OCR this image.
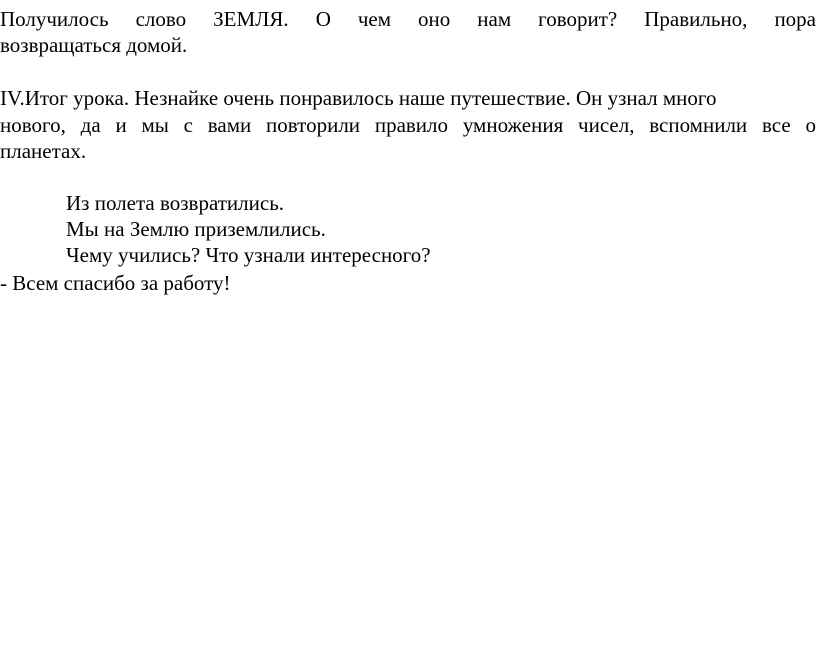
Получилось слово ЗЕМЛЯ. О чем оно нам говорит? Правильно, пора
возвращаться домой.
IV.Итог урока. Незнайке очень понравилось наше путешествие. Он узнал много
нового, да и мы с вами повторили правило умножения чисел, вспомнили все о
планетах.
Из полета возвратились.
Мы на Землю приземлились.
Чему учились? Что узнали интересного?
- Всем спасибо за работу!
